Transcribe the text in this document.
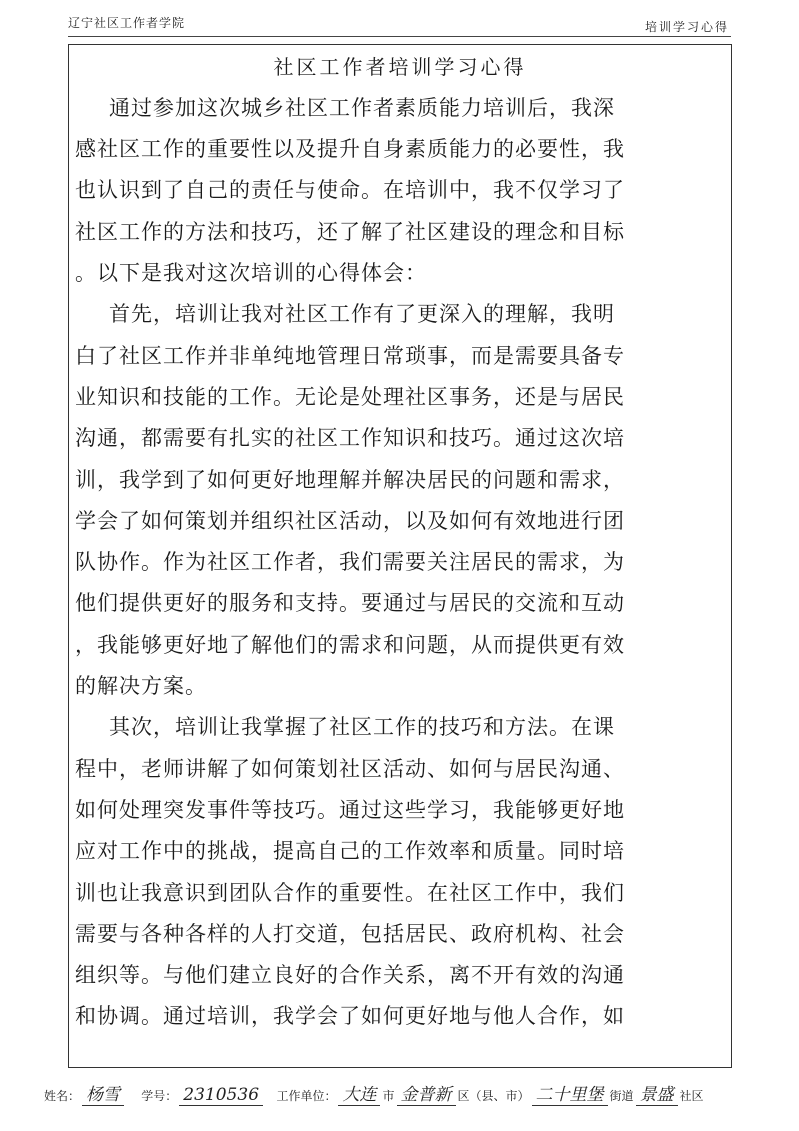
辽宁社区工作者学院	培训学习心得
社区工作者培训学习心得
通过参加这次城乡社区工作者素质能力培训后，我深
感社区工作的重要性以及提升自身素质能力的必要性，我
也认识到了自己的责任与使命。在培训中，我不仅学习了
社区工作的方法和技巧，还了解了社区建设的理念和目标
。以下是我对这次培训的心得体会：
首先，培训让我对社区工作有了更深入的理解，我明
白了社区工作并非单纯地管理日常琐事，而是需要具备专
业知识和技能的工作。无论是处理社区事务，还是与居民
沟通，都需要有扎实的社区工作知识和技巧。通过这次培
训，我学到了如何更好地理解并解决居民的问题和需求，
学会了如何策划并组织社区活动，以及如何有效地进行团
队协作。作为社区工作者，我们需要关注居民的需求，为
他们提供更好的服务和支持。要通过与居民的交流和互动
，我能够更好地了解他们的需求和问题，从而提供更有效
的解决方案。
其次，培训让我掌握了社区工作的技巧和方法。在课
程中，老师讲解了如何策划社区活动、如何与居民沟通、
如何处理突发事件等技巧。通过这些学习，我能够更好地
应对工作中的挑战，提高自己的工作效率和质量。同时培
训也让我意识到团队合作的重要性。在社区工作中，我们
需要与各种各样的人打交道，包括居民、政府机构、社会
组织等。与他们建立良好的合作关系，离不开有效的沟通
和协调。通过培训，我学会了如何更好地与他人合作，如
姓名： 杨雪 学号： 2310536 工作单位： 大连 市 金普新 区（县、市） 二十里堡 街道 景盛 社区
